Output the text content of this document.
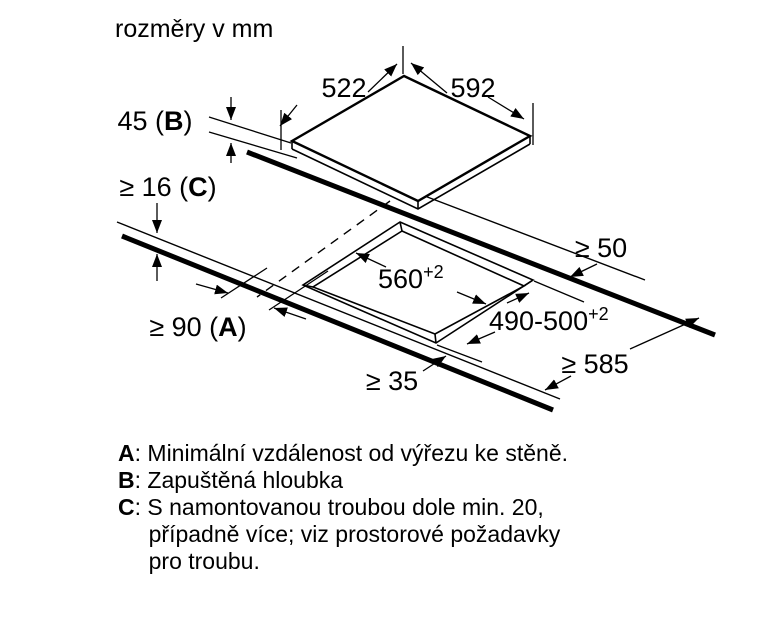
rozměry v mm
522	592
45 (B)
≥ 16 (C)
≥ 90 (A)
$560^{+2}$
$490-500^{+2}$
≥ 50
≥ 585
≥ 35
A : Minimální vzdálenost od výřezu ke stěně.
B : Zapuštěná hloubka
C : S namontovanou troubou dole min. 20,
případně více; viz prostorové požadavky
pro troubu.
